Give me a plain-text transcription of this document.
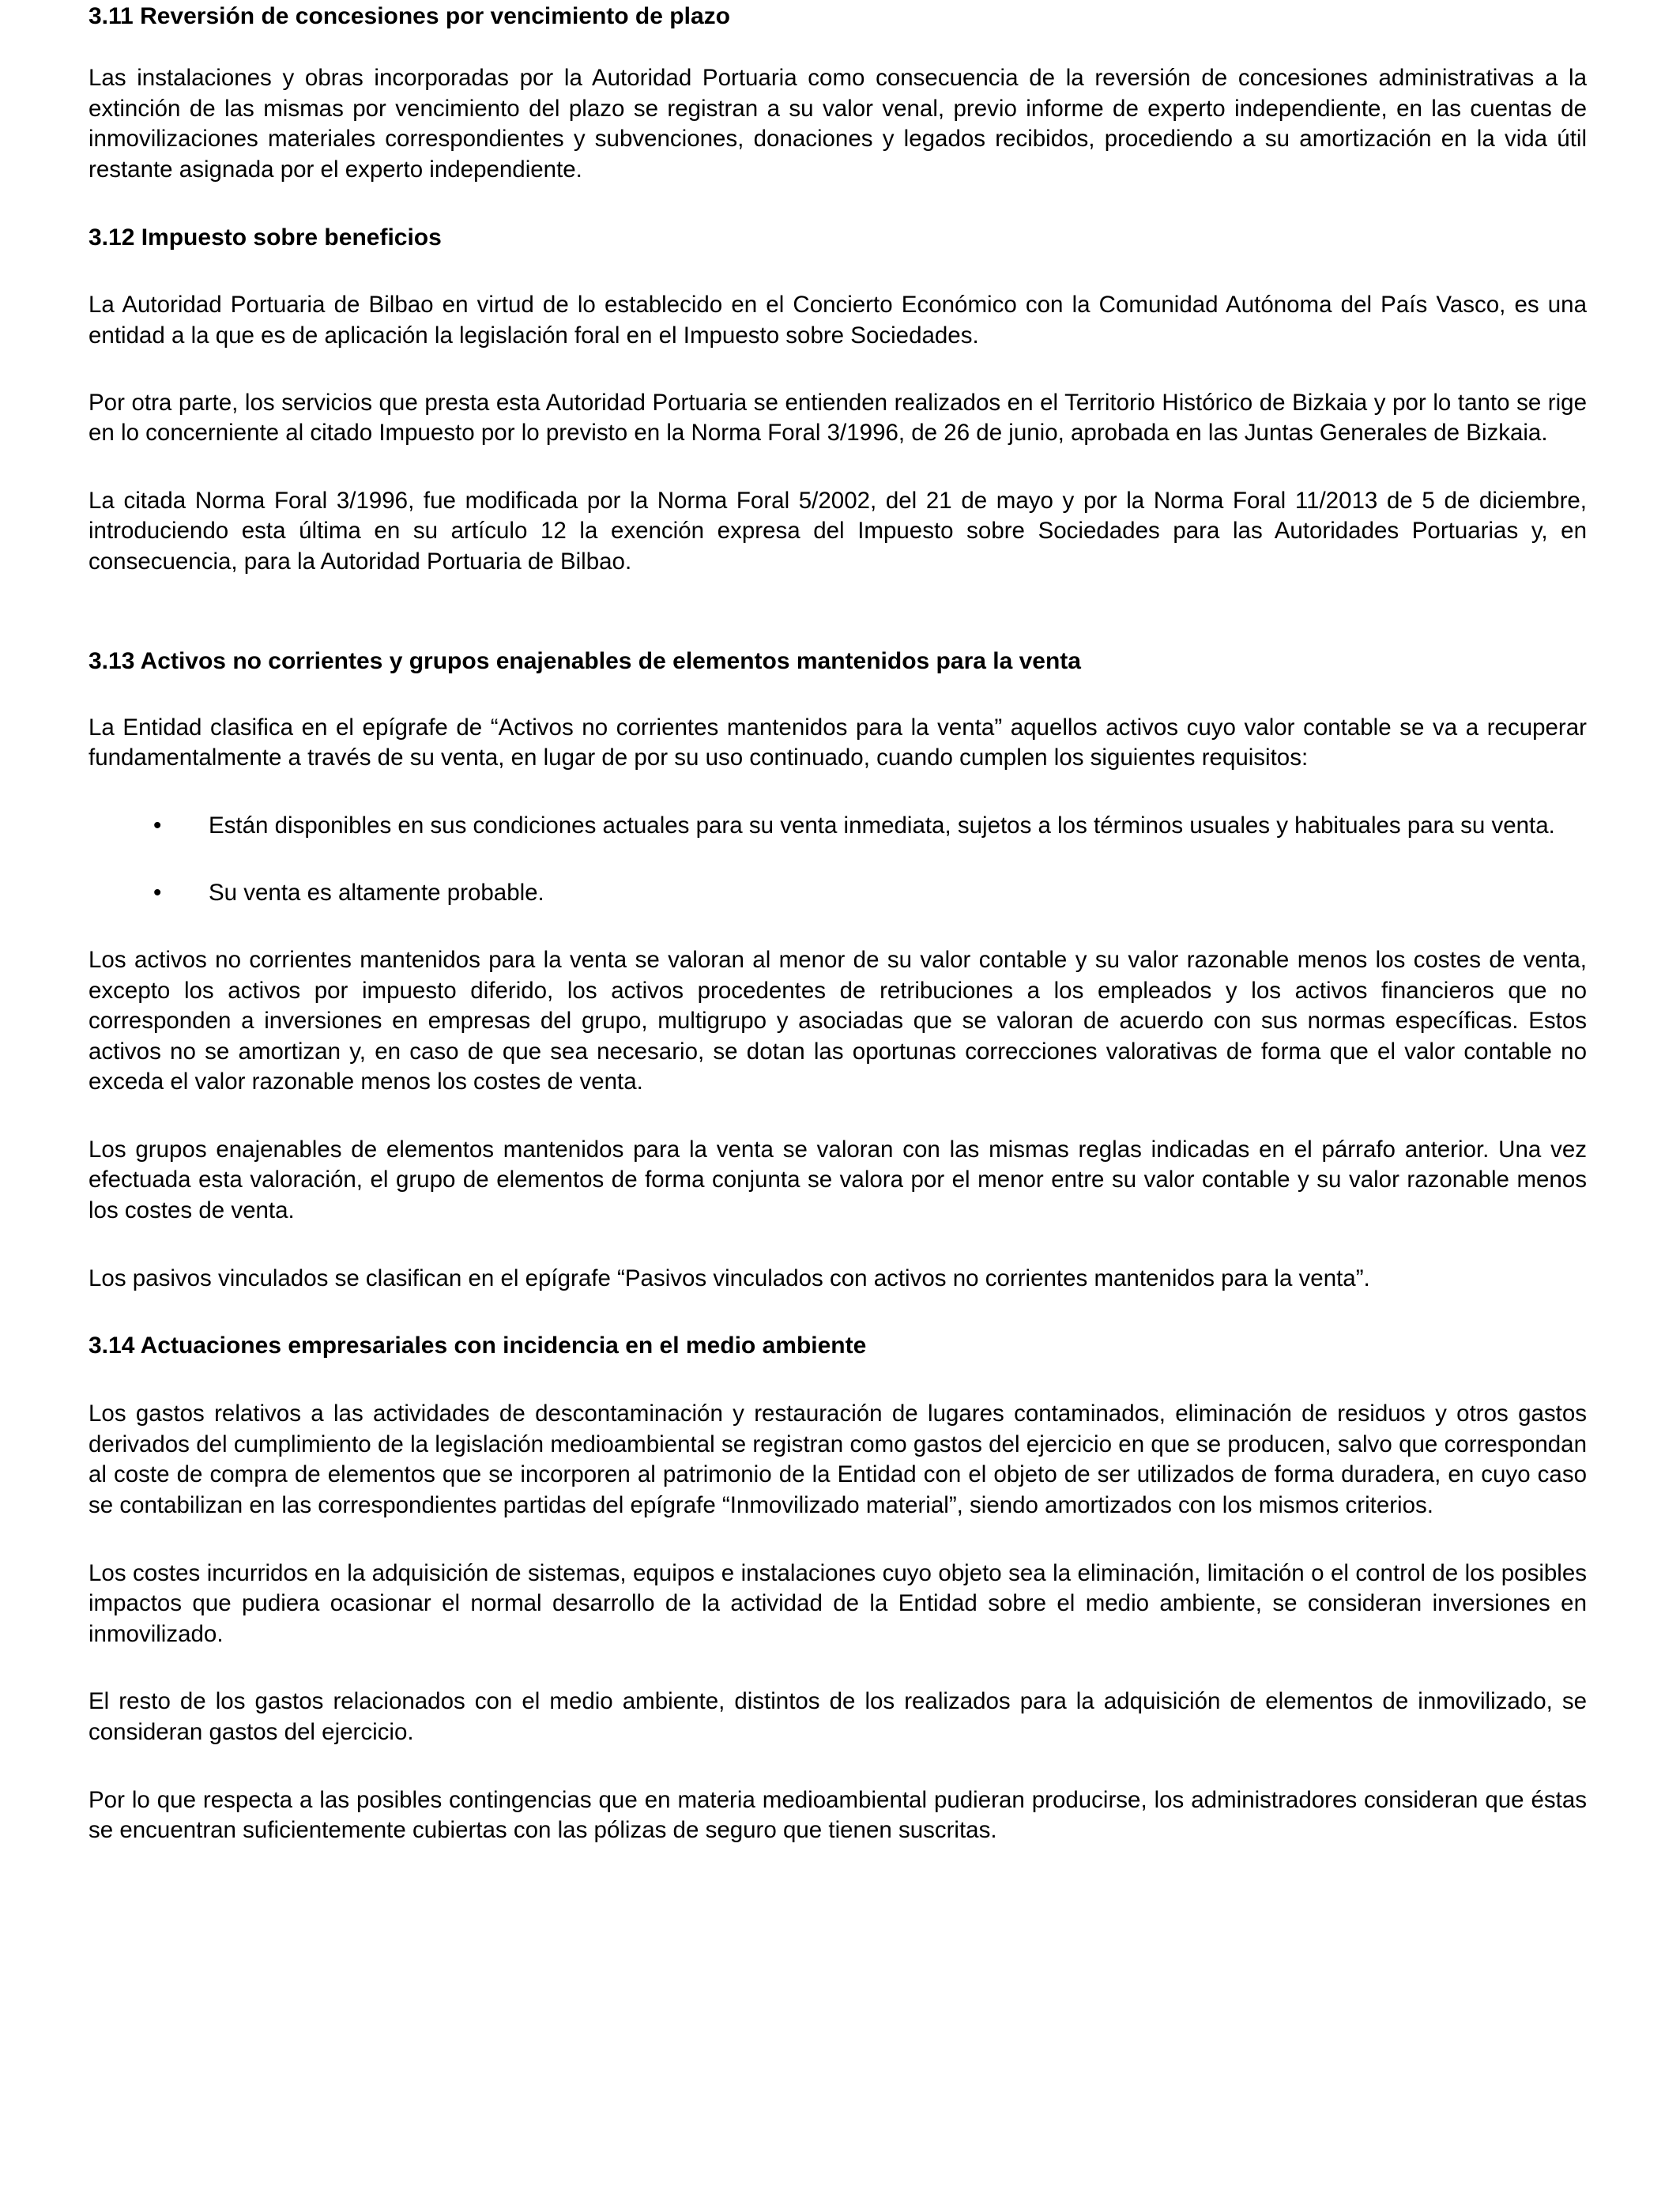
3.11 Reversión de concesiones por vencimiento de plazo

Las instalaciones y obras incorporadas por la Autoridad Portuaria como consecuencia de la reversión de concesiones administrativas a la extinción de las mismas por vencimiento del plazo se registran a su valor venal, previo informe de experto independiente, en las cuentas de inmovilizaciones materiales correspondientes y subvenciones, donaciones y legados recibidos, procediendo a su amortización en la vida útil restante asignada por el experto independiente.

3.12 Impuesto sobre beneficios

La Autoridad Portuaria de Bilbao en virtud de lo establecido en el Concierto Económico con la Comunidad Autónoma del País Vasco, es una entidad a la que es de aplicación la legislación foral en el Impuesto sobre Sociedades.

Por otra parte, los servicios que presta esta Autoridad Portuaria se entienden realizados en el Territorio Histórico de Bizkaia y por lo tanto se rige en lo concerniente al citado Impuesto por lo previsto en la Norma Foral 3/1996, de 26 de junio, aprobada en las Juntas Generales de Bizkaia.

La citada Norma Foral 3/1996, fue modificada por la Norma Foral 5/2002, del 21 de mayo y por la Norma Foral 11/2013 de 5 de diciembre, introduciendo esta última en su artículo 12 la exención expresa del Impuesto sobre Sociedades para las Autoridades Portuarias y, en consecuencia, para la Autoridad Portuaria de Bilbao.

3.13 Activos no corrientes y grupos enajenables de elementos mantenidos para la venta

La Entidad clasifica en el epígrafe de “Activos no corrientes mantenidos para la venta” aquellos activos cuyo valor contable se va a recuperar fundamentalmente a través de su venta, en lugar de por su uso continuado, cuando cumplen los siguientes requisitos:

• Están disponibles en sus condiciones actuales para su venta inmediata, sujetos a los términos usuales y habituales para su venta.
• Su venta es altamente probable.

Los activos no corrientes mantenidos para la venta se valoran al menor de su valor contable y su valor razonable menos los costes de venta, excepto los activos por impuesto diferido, los activos procedentes de retribuciones a los empleados y los activos financieros que no corresponden a inversiones en empresas del grupo, multigrupo y asociadas que se valoran de acuerdo con sus normas específicas. Estos activos no se amortizan y, en caso de que sea necesario, se dotan las oportunas correcciones valorativas de forma que el valor contable no exceda el valor razonable menos los costes de venta.

Los grupos enajenables de elementos mantenidos para la venta se valoran con las mismas reglas indicadas en el párrafo anterior. Una vez efectuada esta valoración, el grupo de elementos de forma conjunta se valora por el menor entre su valor contable y su valor razonable menos los costes de venta.

Los pasivos vinculados se clasifican en el epígrafe “Pasivos vinculados con activos no corrientes mantenidos para la venta”.

3.14 Actuaciones empresariales con incidencia en el medio ambiente

Los gastos relativos a las actividades de descontaminación y restauración de lugares contaminados, eliminación de residuos y otros gastos derivados del cumplimiento de la legislación medioambiental se registran como gastos del ejercicio en que se producen, salvo que correspondan al coste de compra de elementos que se incorporen al patrimonio de la Entidad con el objeto de ser utilizados de forma duradera, en cuyo caso se contabilizan en las correspondientes partidas del epígrafe “Inmovilizado material”, siendo amortizados con los mismos criterios.

Los costes incurridos en la adquisición de sistemas, equipos e instalaciones cuyo objeto sea la eliminación, limitación o el control de los posibles impactos que pudiera ocasionar el normal desarrollo de la actividad de la Entidad sobre el medio ambiente, se consideran inversiones en inmovilizado.

El resto de los gastos relacionados con el medio ambiente, distintos de los realizados para la adquisición de elementos de inmovilizado, se consideran gastos del ejercicio.

Por lo que respecta a las posibles contingencias que en materia medioambiental pudieran producirse, los administradores consideran que éstas se encuentran suficientemente cubiertas con las pólizas de seguro que tienen suscritas.
